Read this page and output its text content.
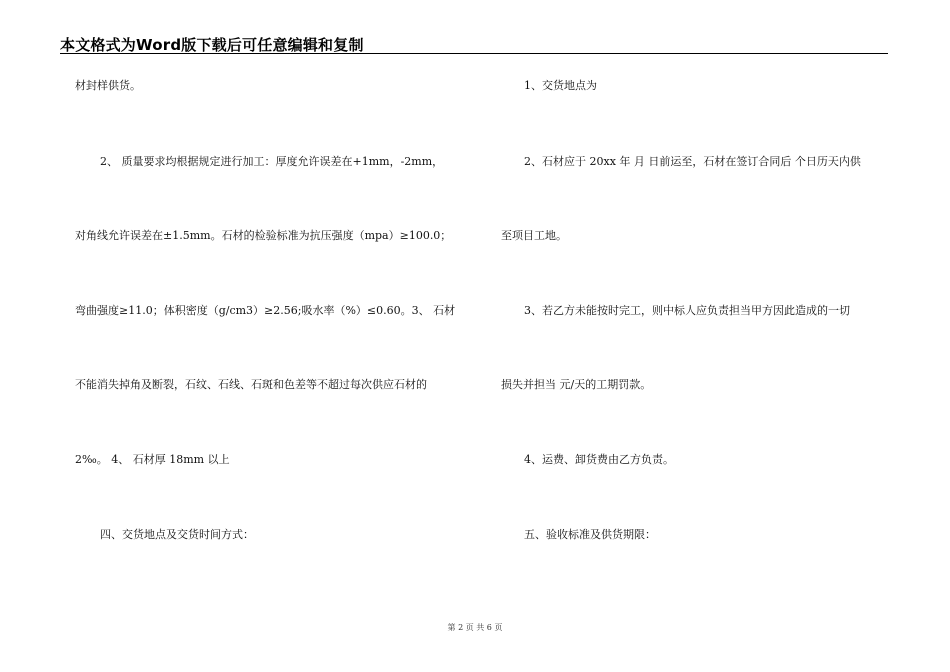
本文格式为Word版下载后可任意编辑和复制
材封样供货。
2、 质量要求均根据规定进行加工：厚度允许误差在+1mm，-2mm，
对角线允许误差在±1.5mm。石材的检验标准为抗压强度（mpa）≥100.0；
弯曲强度≥11.0；体积密度（g/cm3）≥2.56;吸水率（%）≤0.60。3、 石材
不能消失掉角及断裂，石纹、石线、石斑和色差等不超过每次供应石材的
2‰。 4、 石材厚 18mm 以上
四、交货地点及交货时间方式：
1、交货地点为
2、石材应于 20xx 年 月 日前运至，石材在签订合同后 个日历天内供
至项目工地。
3、若乙方未能按时完工，则中标人应负责担当甲方因此造成的一切
损失并担当 元/天的工期罚款。
4、运费、卸货费由乙方负责。
五、验收标准及供货期限：
第 2 页 共 6 页
